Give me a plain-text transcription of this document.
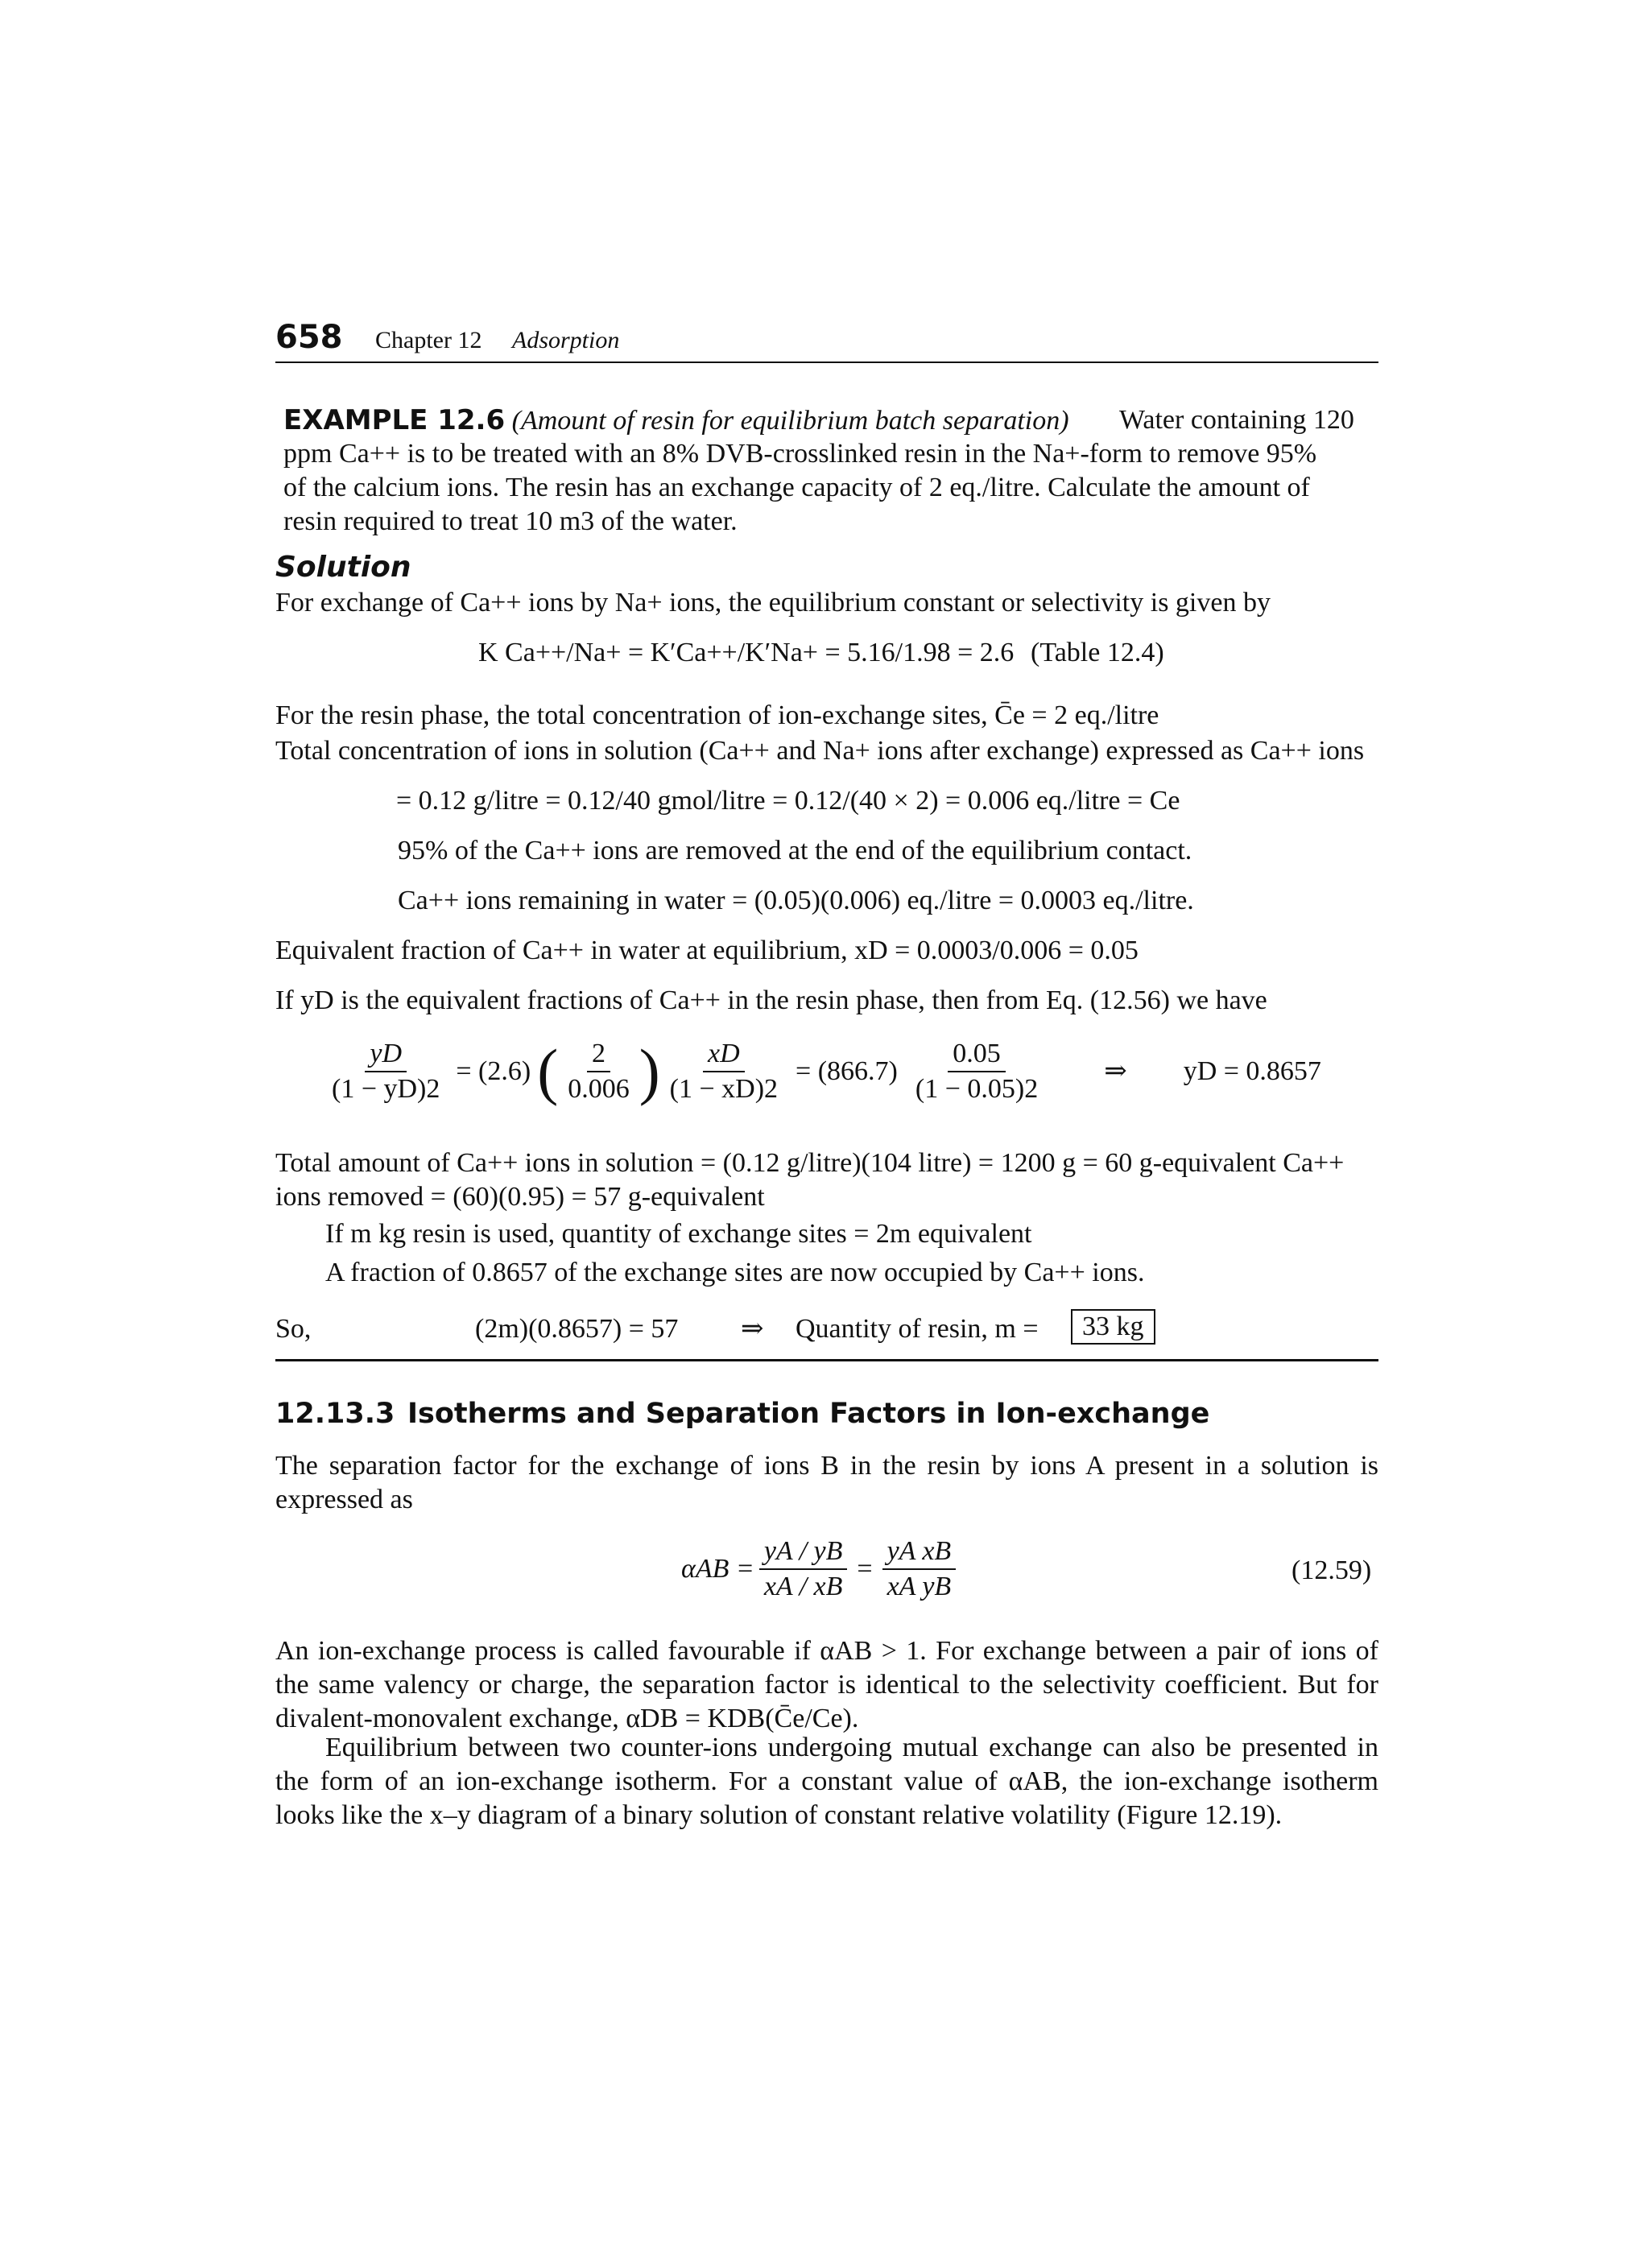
658 Chapter 12 Adsorption
EXAMPLE 12.6 (Amount of resin for equilibrium batch separation) Water containing 120
ppm Ca++ is to be treated with an 8% DVB-crosslinked resin in the Na+-form to remove 95%
of the calcium ions. The resin has an exchange capacity of 2 eq./litre. Calculate the amount of
resin required to treat 10 m3 of the water.
Solution
For exchange of Ca++ ions by Na+ ions, the equilibrium constant or selectivity is given by
K Ca++/Na+ = K′Ca++/K′Na+ = 5.16/1.98 = 2.6 (Table 12.4)
For the resin phase, the total concentration of ion-exchange sites, C̄e = 2 eq./litre
Total concentration of ions in solution (Ca++ and Na+ ions after exchange) expressed as Ca++ ions
= 0.12 g/litre = 0.12/40 gmol/litre = 0.12/(40 × 2) = 0.006 eq./litre = Ce
95% of the Ca++ ions are removed at the end of the equilibrium contact.
Ca++ ions remaining in water = (0.05)(0.006) eq./litre = 0.0003 eq./litre.
Equivalent fraction of Ca++ in water at equilibrium, xD = 0.0003/0.006 = 0.05
If yD is the equivalent fractions of Ca++ in the resin phase, then from Eq. (12.56) we have
$\frac{yD}{(1 - yD)2} = (2.6)$ ( $\frac{2}{0.006}$ ) $\frac{xD}{(1 - xD)2} = (866.7) \frac{0.05}{(1 - 0.05)2}$ ⇒ yD = 0.8657
Total amount of Ca++ ions in solution = (0.12 g/litre)(104 litre) = 1200 g = 60 g-equivalent Ca++
ions removed = (60)(0.95) = 57 g-equivalent
If m kg resin is used, quantity of exchange sites = 2m equivalent
A fraction of 0.8657 of the exchange sites are now occupied by Ca++ ions.
So,	(2m)(0.8657) = 57 ⇒ Quantity of resin, m =	33 kg
12.13.3 Isotherms and Separation Factors in Ion-exchange
The separation factor for the exchange of ions B in the resin by ions A present in a solution is expressed as
$\alpha AB = \frac{yA / yB}{xA / xB} = \frac{\text{yA xB}}{\text{xA yB}}$	(12.59)
An ion-exchange process is called favourable if αAB > 1. For exchange between a pair of ions of the same valency or charge, the separation factor is identical to the selectivity coefficient. But for divalent-monovalent exchange, αDB = KDB(C̄e/Ce).
Equilibrium between two counter-ions undergoing mutual exchange can also be presented in the form of an ion-exchange isotherm. For a constant value of αAB, the ion-exchange isotherm looks like the x–y diagram of a binary solution of constant relative volatility (Figure 12.19).
